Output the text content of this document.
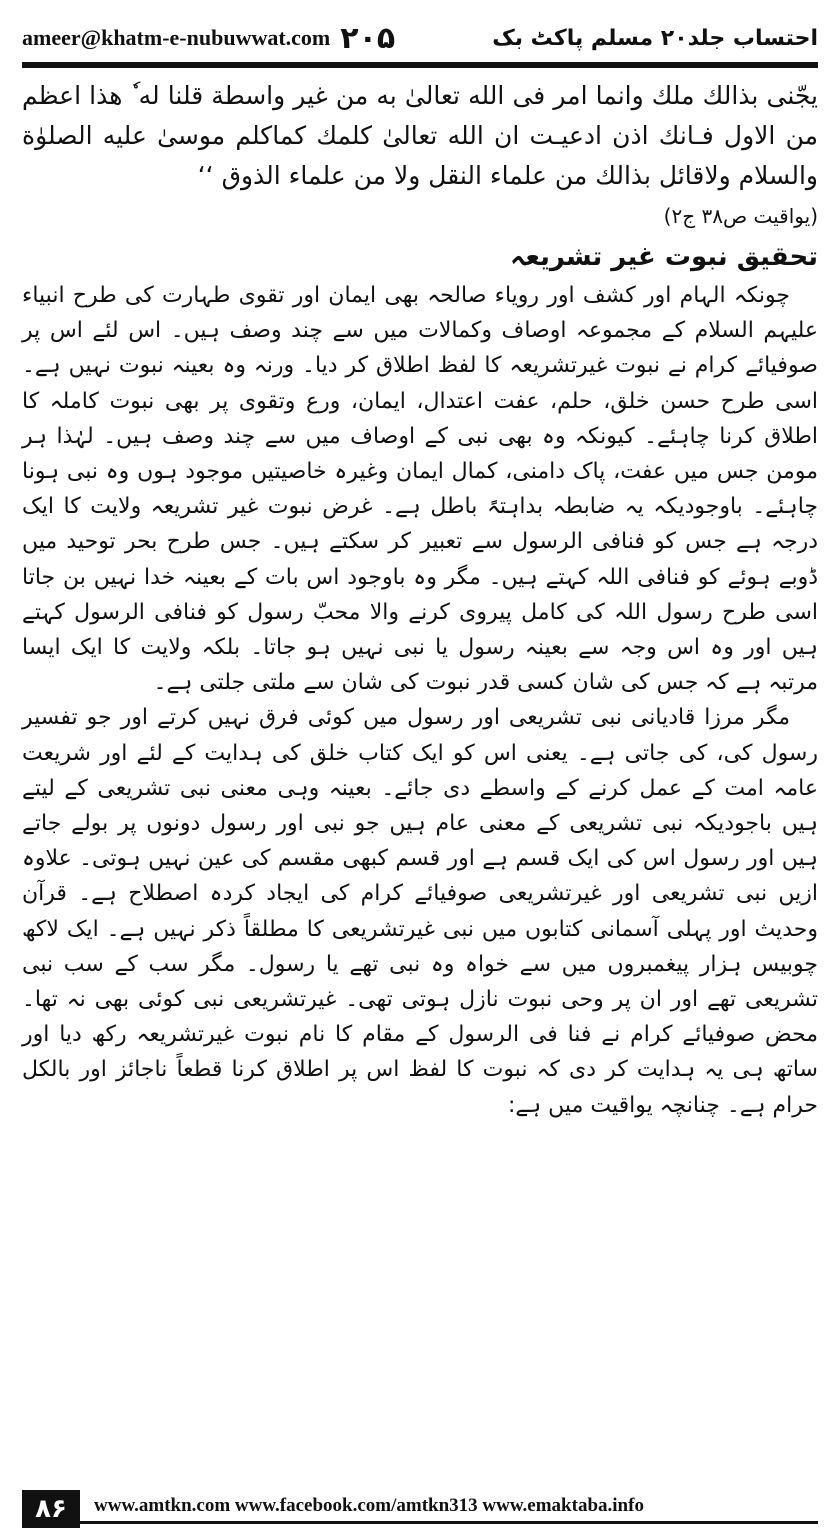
ameer@khatm-e-nubuwwat.com ۲۰۵	احتساب جلد۲۰ مسلم پاکٹ بک

یجّنی بذالك ملك وانما امر فی الله تعالیٰ به من غیر واسطة قلنا له ٗ هذا اعظم من الاول فـانك اذن ادعیـت ان الله تعالیٰ كلمك كماكلم موسیٰ علیه الصلوٰة والسلام ولاقائل بذالك من علماء النقل ولا من علماء الذوق ‘‘

(یواقیت ص۳۸ ج۲)

تحقیق نبوت غیر تشریعہ

چونکہ الہام اور کشف اور رویاء صالحہ بھی ایمان اور تقوی طہارت کی طرح انبیاء علیہم السلام کے مجموعہ اوصاف وکمالات میں سے چند وصف ہیں۔ اس لئے اس پر صوفیائے کرام نے نبوت غیرتشریعہ کا لفظ اطلاق کر دیا۔ ورنہ وہ بعینہ نبوت نہیں ہے۔ اسی طرح حسن خلق، حلم، عفت اعتدال، ایمان، ورع وتقوی پر بھی نبوت کاملہ کا اطلاق کرنا چاہئے۔ کیونکہ وہ بھی نبی کے اوصاف میں سے چند وصف ہیں۔ لہٰذا ہر مومن جس میں عفت، پاک دامنی، کمال ایمان وغیرہ خاصیتیں موجود ہوں وہ نبی ہونا چاہئے۔ باوجودیکہ یہ ضابطہ بداہتہً باطل ہے۔ غرض نبوت غیر تشریعہ ولایت کا ایک درجہ ہے جس کو فنافی الرسول سے تعبیر کر سکتے ہیں۔ جس طرح بحر توحید میں ڈوبے ہوئے کو فنافی اللہ کہتے ہیں۔ مگر وہ باوجود اس بات کے بعینہ خدا نہیں بن جاتا اسی طرح رسول اللہ کی کامل پیروی کرنے والا محبّ رسول کو فنافی الرسول کہتے ہیں اور وہ اس وجہ سے بعینہ رسول یا نبی نہیں ہو جاتا۔ بلکہ ولایت کا ایک ایسا مرتبہ ہے کہ جس کی شان کسی قدر نبوت کی شان سے ملتی جلتی ہے۔

مگر مرزا قادیانی نبی تشریعی اور رسول میں کوئی فرق نہیں کرتے اور جو تفسیر رسول کی، کی جاتی ہے۔ یعنی اس کو ایک کتاب خلق کی ہدایت کے لئے اور شریعت عامہ امت کے عمل کرنے کے واسطے دی جائے۔ بعینہ وہی معنی نبی تشریعی کے لیتے ہیں باجودیکہ نبی تشریعی کے معنی عام ہیں جو نبی اور رسول دونوں پر بولے جاتے ہیں اور رسول اس کی ایک قسم ہے اور قسم کبھی مقسم کی عین نہیں ہوتی۔ علاوہ ازیں نبی تشریعی اور غیرتشریعی صوفیائے کرام کی ایجاد کردہ اصطلاح ہے۔ قرآن وحدیث اور پہلی آسمانی کتابوں میں نبی غیرتشریعی کا مطلقاً ذکر نہیں ہے۔ ایک لاکھ چوبیس ہزار پیغمبروں میں سے خواہ وہ نبی تھے یا رسول۔ مگر سب کے سب نبی تشریعی تھے اور ان پر وحی نبوت نازل ہوتی تھی۔ غیرتشریعی نبی کوئی بھی نہ تھا۔ محض صوفیائے کرام نے فنا فی الرسول کے مقام کا نام نبوت غیرتشریعہ رکھ دیا اور ساتھ ہی یہ ہدایت کر دی کہ نبوت کا لفظ اس پر اطلاق کرنا قطعاً ناجائز اور بالکل حرام ہے۔ چنانچہ یواقیت میں ہے:

۸۶	www.amtkn.com www.facebook.com/amtkn313 www.emaktaba.info
